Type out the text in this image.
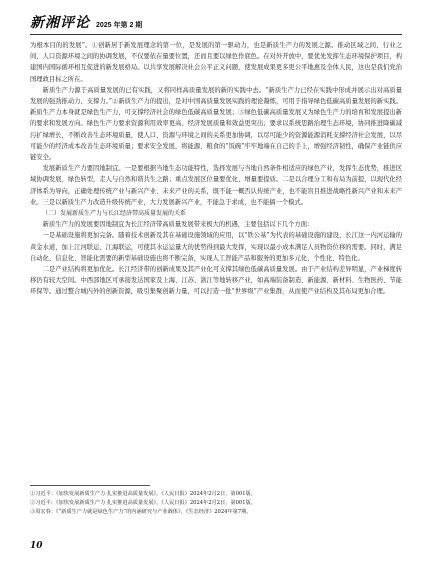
新湘评论 2025 年第 2 期

为根本目的的发展”。①创新居于新发展理念的第一位，是发展的第一驱动力，也是新质生产力的发展之源。推动区域之间、行业之间、人口资源环境之间的协调发展，不仅要依在量要位置，还而且要以绿色作底色。在对外开放中，要优先发挥生态环境保护项目，构建国内国际循环相互促进的新发展格局。以共享发展解决社会公平正义问题，使发展成果更多更公平地惠及全体人民，这也是我们党治国理政目标之所在。

新质生产力源于高质量发展的已有实践，又将同样高质量发展的新的实践中去。“新质生产力已经在实践中形成并展示出对高质量发展的强劲推动力、支撑力。”②新质生产力的提出，是对中国高质量发展实践的理论凝炼，可用于指导绿色低碳高质量发展的新实践。新质生产力本身就是绿色生产力，可支撑经济社会的绿色低碳高质量发展；③绿色低碳高质量发展又为绿色生产力的培育和发展提出新的要求和发展方向。绿色生产力要求资源利用效率更高、经济发展质量和效益更突出；要求以系统思路治理生态环境，协同推进降碳减污扩绿增长，不断改善生态环境质量，使人口、资源与环境之间的关系更加协调，以尽可能少的资源能源消耗支撑经济社会发展，以尽可能少的经济成本改善生态环境质量；要求安全发展，将能源、粮食的“饭碗”牢牢地端在自己的手上，增强经济韧性，确保产业链供应链安全。

发展新质生产力要因地制宜。一是要根据当地生态功能特性，选择发展与当地自然条件相适应的绿色产业，发挥生态优势，推进区域协调发展、绿色转型，走人与自然和谐共生之路；重点发展区位量要优化，增量要提质。二是以合理分工和布局为前提，以现代化经济体系为导向，正确处理传统产业与新兴产业、未来产业的关系，既不能一概否认传统产业，也不能盲目推进战略性新兴产业和未来产业。三是以新质生产力改造升级传统产业，大力发展新兴产业，不能急于求成，也不能搞一个模式。

（二）发展新质生产力与长江经济带高质量发展的关系

新质生产力的发展要因地制宜为长江经济带高质量发展带来极大的机遇，主要包括以下几个方面：

一是基础设施将更加完备。随着技术创新及其在基础设施领域的应用，以“铁公基”为代表的基础设施的建设，长江这一内河运输的黄金水道，加上江河联运、江海联运，可使其水运运量大的优势得到最大发挥，实现以最小成本满足人员物资位移的需要。同时，满足自动化、信息化、智能化需要的新型基础设施也将不断完备，实现人工智能产品和服务的更加多元化、个性化、特色化。

二是产业结构将更加优化。长江经济带的创新成果及其产业化可支撑其绿色低碳高质量发展。由于产业结构差异明显，产业梯度转移仍有较大空间。中西部地区可承接发达国家及上海、江苏、浙江等地转移产业，如高端装备制造、新能源、新材料、生物医药、节能环保等。通过整合城内外的创新资源，吸引集聚创新力量，可以打造一批“世界级”产业集群，从而使产业结构及其布局更加合理。

①习近平：《加快发展新质生产力 扎实推进高质量发展》，《人民日报》2024年2月2日，第001版。

②习近平：《加快发展新质生产力 扎实推进高质量发展》，《人民日报》2024年2月2日，第001版。

③周宏春：《“新质生产力就是绿色生产力”的内涵研究与产业载体》，《生态经济》2024年第7期。

10
